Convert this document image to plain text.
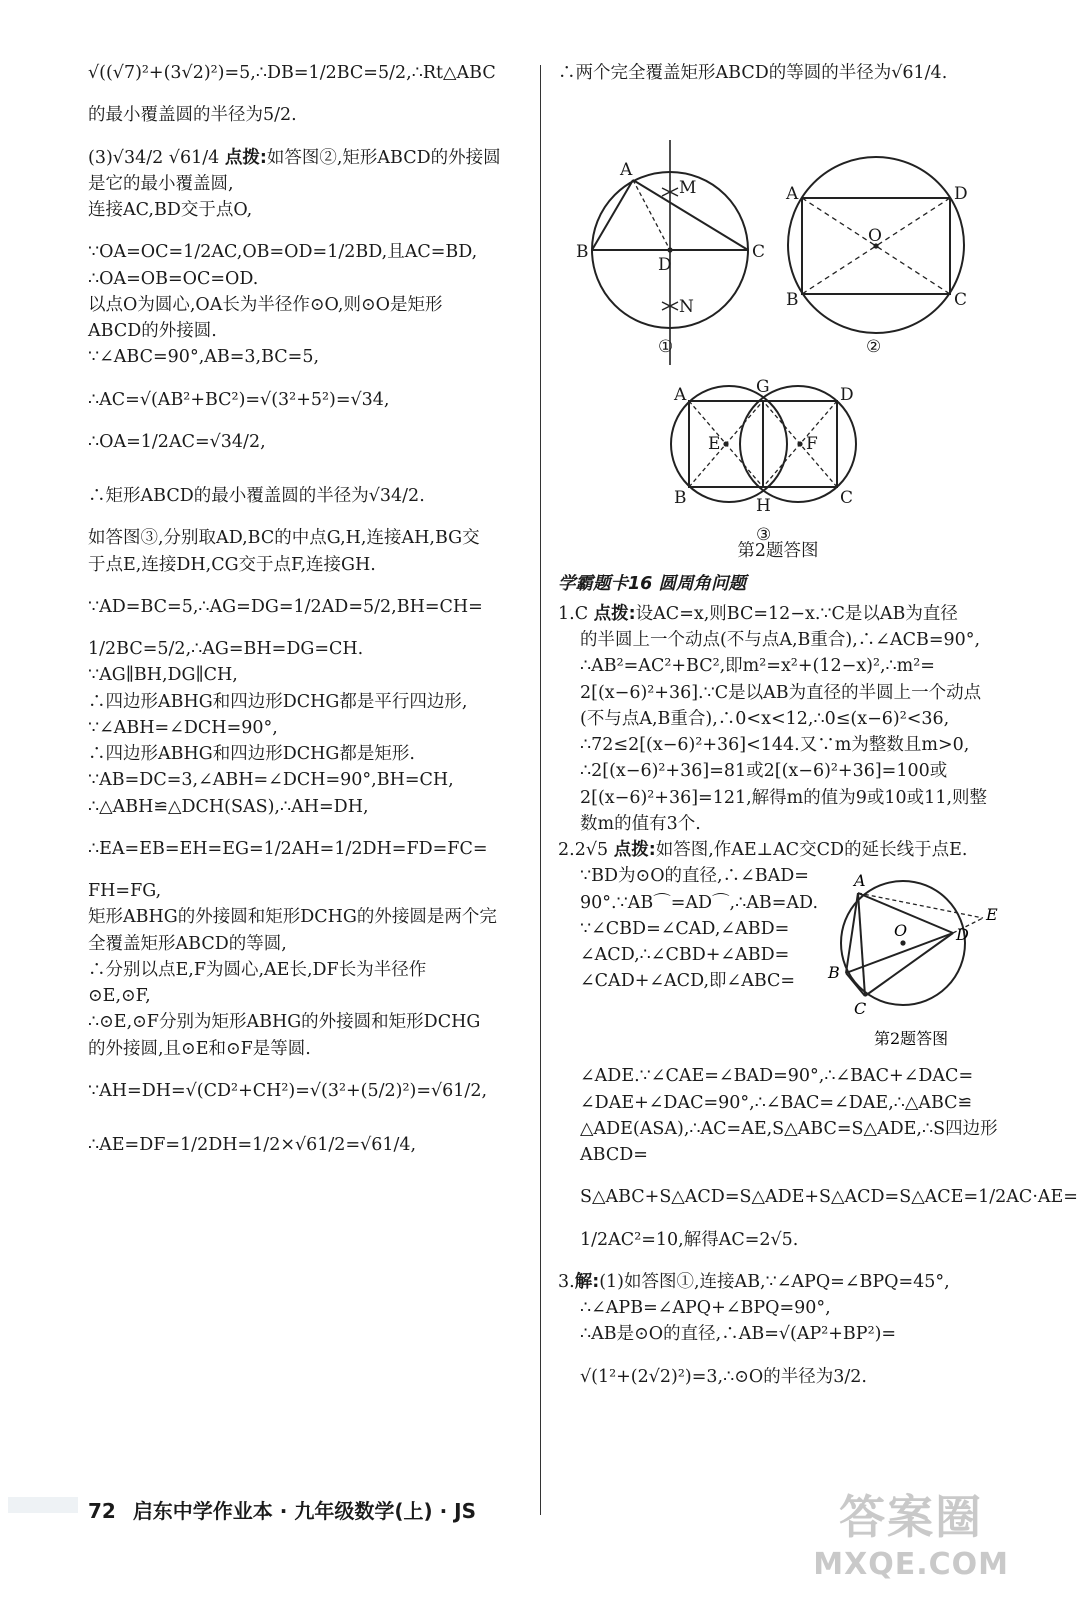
√((√7)²+(3√2)²)=5,∴DB=1/2BC=5/2,∴Rt△ABC

的最小覆盖圆的半径为5/2.

(3)√34/2 √61/4 点拨:如答图②,矩形ABCD的外接圆

是它的最小覆盖圆,

连接AC,BD交于点O,

∵OA=OC=1/2AC,OB=OD=1/2BD,且AC=BD,

∴OA=OB=OC=OD.

以点O为圆心,OA长为半径作⊙O,则⊙O是矩形

ABCD的外接圆.

∵∠ABC=90°,AB=3,BC=5,

∴AC=√(AB²+BC²)=√(3²+5²)=√34,

∴OA=1/2AC=√34/2,

∴矩形ABCD的最小覆盖圆的半径为√34/2.

如答图③,分别取AD,BC的中点G,H,连接AH,BG交

于点E,连接DH,CG交于点F,连接GH.

∵AD=BC=5,∴AG=DG=1/2AD=5/2,BH=CH=

1/2BC=5/2,∴AG=BH=DG=CH.

∵AG∥BH,DG∥CH,

∴四边形ABHG和四边形DCHG都是平行四边形,

∵∠ABH=∠DCH=90°,

∴四边形ABHG和四边形DCHG都是矩形.

∵AB=DC=3,∠ABH=∠DCH=90°,BH=CH,

∴△ABH≌△DCH(SAS),∴AH=DH,

∴EA=EB=EH=EG=1/2AH=1/2DH=FD=FC=

FH=FG,

矩形ABHG的外接圆和矩形DCHG的外接圆是两个完

全覆盖矩形ABCD的等圆,

∴分别以点E,F为圆心,AE长,DF长为半径作

⊙E,⊙F,

∴⊙E,⊙F分别为矩形ABHG的外接圆和矩形DCHG

的外接圆,且⊙E和⊙F是等圆.

∵AH=DH=√(CD²+CH²)=√(3²+(5/2)²)=√61/2,

∴AE=DF=1/2DH=1/2×√61/2=√61/4,

∴两个完全覆盖矩形ABCD的等圆的半径为√61/4.

A
M
B
D
C
N
①
A	D
O
B	C
②
A	G	D
E	F
B	H	C
③

第2题答图

学霸题卡16 圆周角问题

1.C 点拨:设AC=x,则BC=12−x.∵C是以AB为直径

的半圆上一个动点(不与点A,B重合),∴∠ACB=90°,

∴AB²=AC²+BC²,即m²=x²+(12−x)²,∴m²=

2[(x−6)²+36].∵C是以AB为直径的半圆上一个动点

(不与点A,B重合),∴0<x<12,∴0≤(x−6)²<36,

∴72≤2[(x−6)²+36]<144.又∵m为整数且m>0,

∴2[(x−6)²+36]=81或2[(x−6)²+36]=100或

2[(x−6)²+36]=121,解得m的值为9或10或11,则整

数m的值有3个.

2.2√5 点拨:如答图,作AE⊥AC交CD的延长线于点E.

∵BD为⊙O的直径,∴∠BAD=

90°.∵AB⌒=AD⌒,∴AB=AD.

∵∠CBD=∠CAD,∠ABD=

∠ACD,∴∠CBD+∠ABD=

∠CAD+∠ACD,即∠ABC=

A
E
O	D
B
C
第2题答图

∠ADE.∵∠CAE=∠BAD=90°,∴∠BAC+∠DAC=

∠DAE+∠DAC=90°,∴∠BAC=∠DAE,∴△ABC≌

△ADE(ASA),∴AC=AE,S△ABC=S△ADE,∴S四边形ABCD=

S△ABC+S△ACD=S△ADE+S△ACD=S△ACE=1/2AC·AE=

1/2AC²=10,解得AC=2√5.

3.解:(1)如答图①,连接AB,∵∠APQ=∠BPQ=45°,

∴∠APB=∠APQ+∠BPQ=90°,

∴AB是⊙O的直径,∴AB=√(AP²+BP²)=

√(1²+(2√2)²)=3,∴⊙O的半径为3/2.

72 启东中学作业本 · 九年级数学(上) · JS	答案圈
MXQE.COM
